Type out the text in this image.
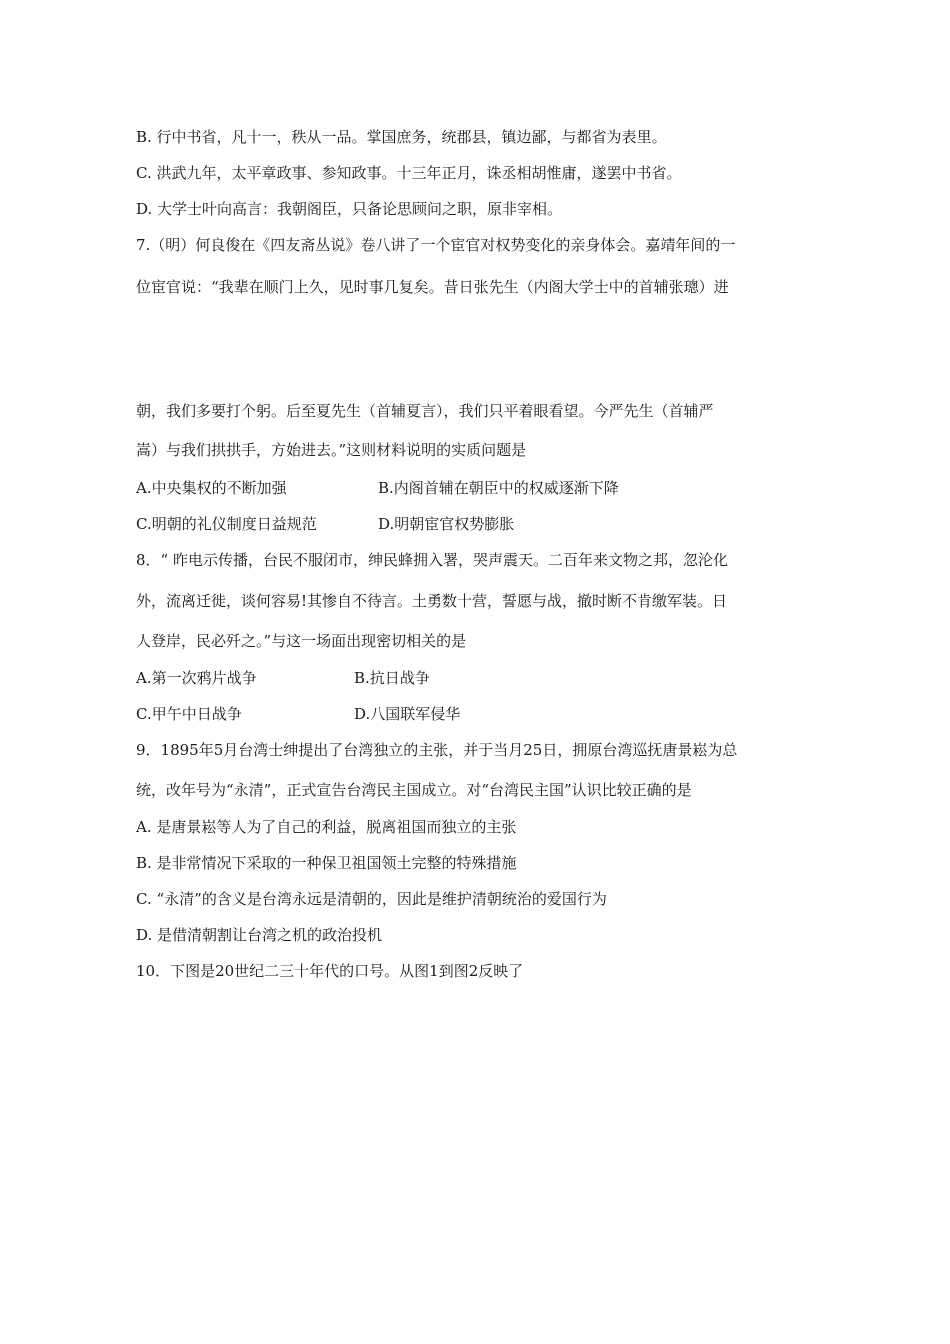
B. 行中书省，凡十一，秩从一品。掌国庶务，统郡县，镇边鄙，与都省为表里。
C. 洪武九年，太平章政事、参知政事。十三年正月，诛丞相胡惟庸，遂罢中书省。
D. 大学士叶向高言：我朝阁臣，只备论思顾问之职，原非宰相。
7.（明）何良俊在《四友斋丛说》卷八讲了一个宦官对权势变化的亲身体会。嘉靖年间的一
位宦官说：“我辈在顺门上久，见时事几复矣。昔日张先生（内阁大学士中的首辅张璁）进
朝，我们多要打个躬。后至夏先生（首辅夏言），我们只平着眼看望。今严先生（首辅严
嵩）与我们拱拱手，方始进去。”这则材料说明的实质问题是
A.中央集权的不断加强	B.内阁首辅在朝臣中的权威逐渐下降
C.明朝的礼仪制度日益规范	D.明朝宦官权势膨胀
8．“ 昨电示传播，台民不服闭市，绅民蜂拥入署，哭声震天。二百年来文物之邦，忽沦化
外，流离迁徙，谈何容易!其惨自不待言。土勇数十营，誓愿与战，撤时断不肯缴军装。日
人登岸，民必歼之。”与这一场面出现密切相关的是
A.第一次鸦片战争	B.抗日战争
C.甲午中日战争	D.八国联军侵华
9．1895年5月台湾士绅提出了台湾独立的主张，并于当月25日，拥原台湾巡抚唐景崧为总
统，改年号为“永清”，正式宣告台湾民主国成立。对“台湾民主国”认识比较正确的是
A. 是唐景崧等人为了自己的利益，脱离祖国而独立的主张
B. 是非常情况下采取的一种保卫祖国领土完整的特殊措施
C. “永清”的含义是台湾永远是清朝的，因此是维护清朝统治的爱国行为
D. 是借清朝割让台湾之机的政治投机
10．下图是20世纪二三十年代的口号。从图1到图2反映了
